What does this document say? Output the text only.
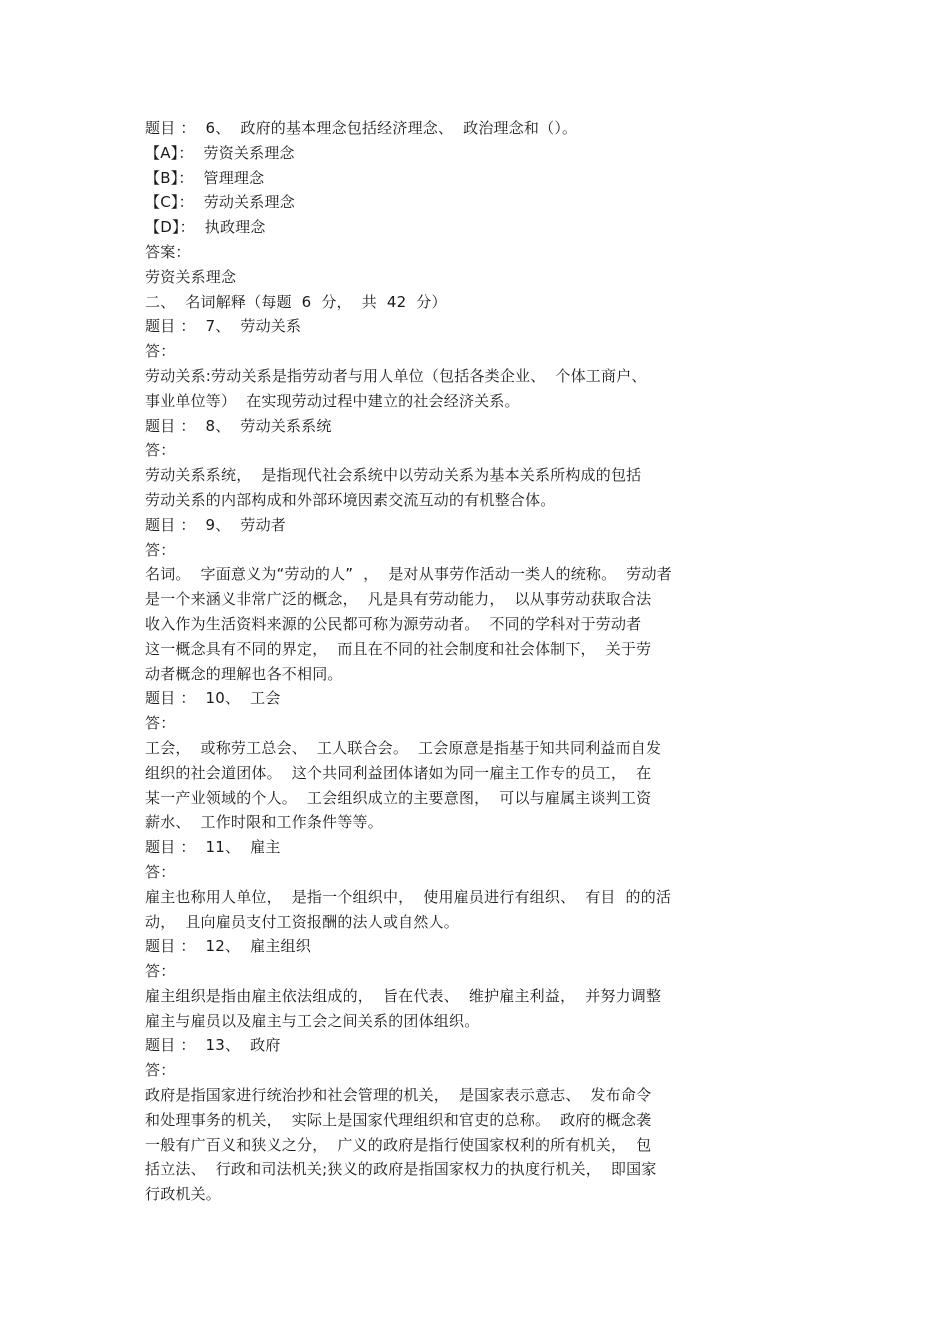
题目 ：  6、  政府的基本理念包括经济理念、  政治理念和（）。
【A】：  劳资关系理念
【B】：  管理理念
【C】：  劳动关系理念
【D】：  执政理念
答案：
劳资关系理念
二、  名词解释（每题  6  分，  共  42  分）
题目 ：  7、  劳动关系
答：
劳动关系:劳动关系是指劳动者与用人单位（包括各类企业、  个体工商户、
事业单位等）  在实现劳动过程中建立的社会经济关系。
题目 ：  8、  劳动关系系统
答：
劳动关系系统，  是指现代社会系统中以劳动关系为基本关系所构成的包括
劳动关系的内部构成和外部环境因素交流互动的有机整合体。
题目 ：  9、  劳动者
答：
名词。  字面意义为“劳动的人”  ，  是对从事劳作活动一类人的统称。  劳动者
是一个来涵义非常广泛的概念，  凡是具有劳动能力，  以从事劳动获取合法
收入作为生活资料来源的公民都可称为源劳动者。  不同的学科对于劳动者
这一概念具有不同的界定，  而且在不同的社会制度和社会体制下，  关于劳
动者概念的理解也各不相同。
题目 ：  10、  工会
答：
工会，  或称劳工总会、  工人联合会。  工会原意是指基于知共同利益而自发
组织的社会道团体。  这个共同利益团体诸如为同一雇主工作专的员工，  在
某一产业领域的个人。  工会组织成立的主要意图，  可以与雇属主谈判工资
薪水、  工作时限和工作条件等等。
题目 ：  11、  雇主
答：
雇主也称用人单位，  是指一个组织中，  使用雇员进行有组织、  有目  的的活
动，  且向雇员支付工资报酬的法人或自然人。
题目 ：  12、  雇主组织
答：
雇主组织是指由雇主依法组成的，  旨在代表、  维护雇主利益，  并努力调整
雇主与雇员以及雇主与工会之间关系的团体组织。
题目 ：  13、  政府
答：
政府是指国家进行统治抄和社会管理的机关，  是国家表示意志、  发布命令
和处理事务的机关，  实际上是国家代理组织和官吏的总称。  政府的概念袭
一般有广百义和狭义之分，  广义的政府是指行使国家权利的所有机关，  包
括立法、  行政和司法机关;狭义的政府是指国家权力的执度行机关，  即国家
行政机关。
